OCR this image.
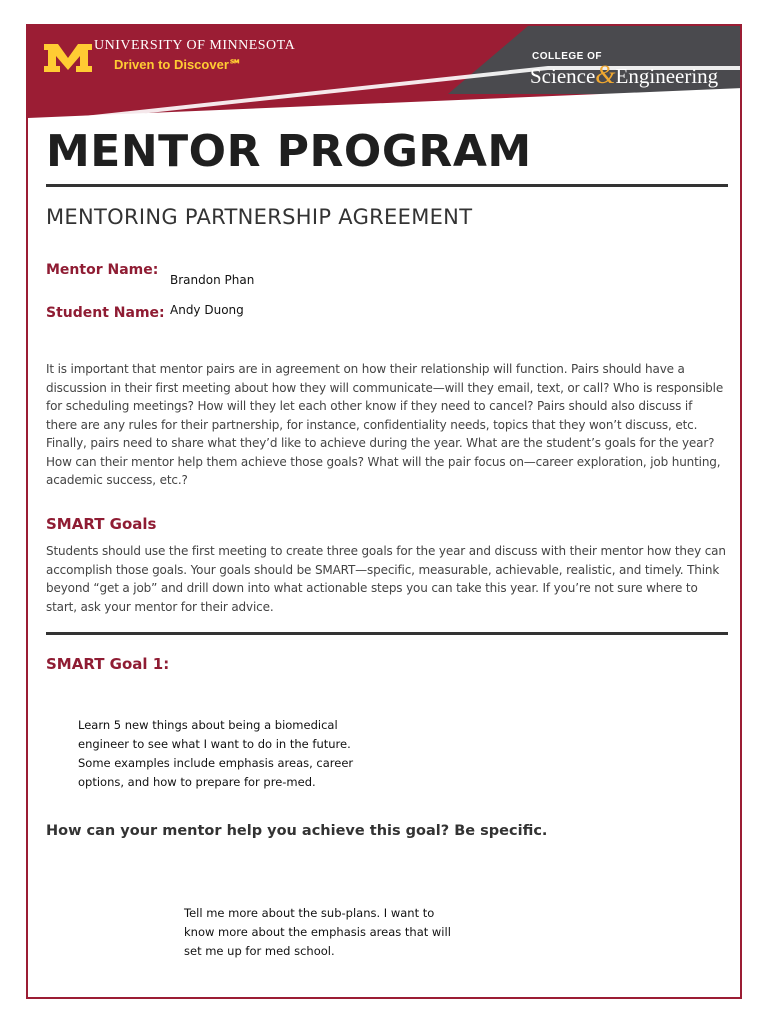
UNIVERSITY OF MINNESOTA
Driven to Discover℠
COLLEGE OF
Science&Engineering
MENTOR PROGRAM
MENTORING PARTNERSHIP AGREEMENT
Mentor Name:
Brandon Phan
Student Name: Andy Duong

It is important that mentor pairs are in agreement on how their relationship will function. Pairs should have a discussion in their first meeting about how they will communicate—will they email, text, or call? Who is responsible for scheduling meetings? How will they let each other know if they need to cancel? Pairs should also discuss if there are any rules for their partnership, for instance, confidentiality needs, topics that they won’t discuss, etc. Finally, pairs need to share what they’d like to achieve during the year. What are the student’s goals for the year? How can their mentor help them achieve those goals? What will the pair focus on—career exploration, job hunting, academic success, etc.?

SMART Goals

Students should use the first meeting to create three goals for the year and discuss with their mentor how they can accomplish those goals. Your goals should be SMART—specific, measurable, achievable, realistic, and timely. Think beyond “get a job” and drill down into what actionable steps you can take this year. If you’re not sure where to start, ask your mentor for their advice.

SMART Goal 1:

Learn 5 new things about being a biomedical engineer to see what I want to do in the future. Some examples include emphasis areas, career options, and how to prepare for pre-med.

How can your mentor help you achieve this goal? Be specific.

Tell me more about the sub-plans. I want to know more about the emphasis areas that will set me up for med school.
